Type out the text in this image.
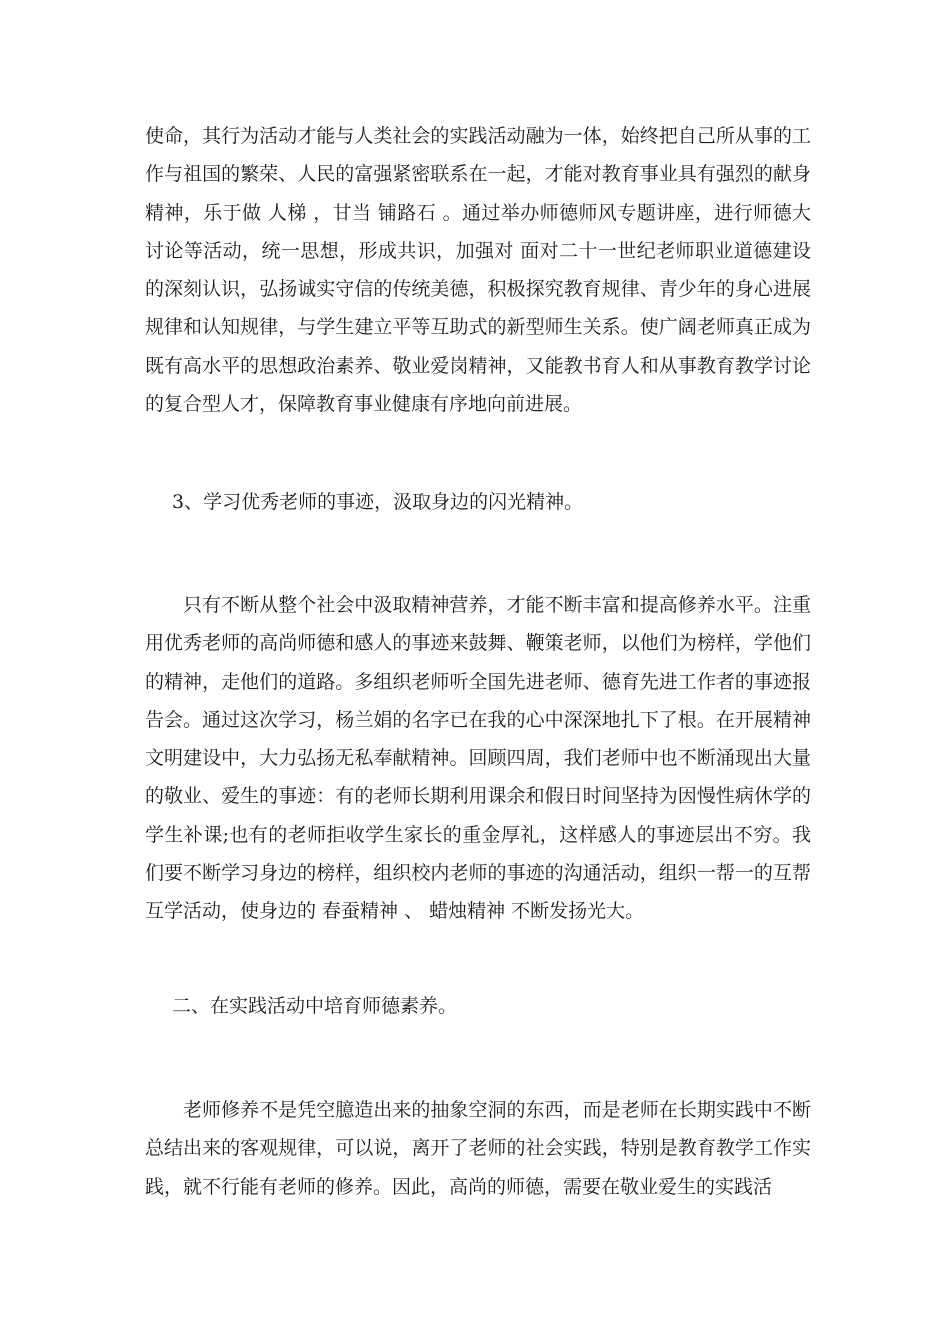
使命，其行为活动才能与人类社会的实践活动融为一体，始终把自己所从事的工作与祖国的繁荣、人民的富强紧密联系在一起，才能对教育事业具有强烈的献身精神，乐于做 人梯 ，甘当 铺路石 。通过举办师德师风专题讲座，进行师德大讨论等活动，统一思想，形成共识，加强对 面对二十一世纪老师职业道德建设 的深刻认识，弘扬诚实守信的传统美德，积极探究教育规律、青少年的身心进展规律和认知规律，与学生建立平等互助式的新型师生关系。使广阔老师真正成为既有高水平的思想政治素养、敬业爱岗精神，又能教书育人和从事教育教学讨论的复合型人才，保障教育事业健康有序地向前进展。

3、学习优秀老师的事迹，汲取身边的闪光精神。

只有不断从整个社会中汲取精神营养，才能不断丰富和提高修养水平。注重用优秀老师的高尚师德和感人的事迹来鼓舞、鞭策老师，以他们为榜样，学他们的精神，走他们的道路。多组织老师听全国先进老师、德育先进工作者的事迹报告会。通过这次学习，杨兰娟的名字已在我的心中深深地扎下了根。在开展精神文明建设中，大力弘扬无私奉献精神。回顾四周，我们老师中也不断涌现出大量的敬业、爱生的事迹：有的老师长期利用课余和假日时间坚持为因慢性病休学的学生补课;也有的老师拒收学生家长的重金厚礼，这样感人的事迹层出不穷。我们要不断学习身边的榜样，组织校内老师的事迹的沟通活动，组织一帮一的互帮互学活动，使身边的 春蚕精神 、 蜡烛精神 不断发扬光大。

二、在实践活动中培育师德素养。

老师修养不是凭空臆造出来的抽象空洞的东西，而是老师在长期实践中不断总结出来的客观规律，可以说，离开了老师的社会实践，特别是教育教学工作实践，就不行能有老师的修养。因此，高尚的师德，需要在敬业爱生的实践活
